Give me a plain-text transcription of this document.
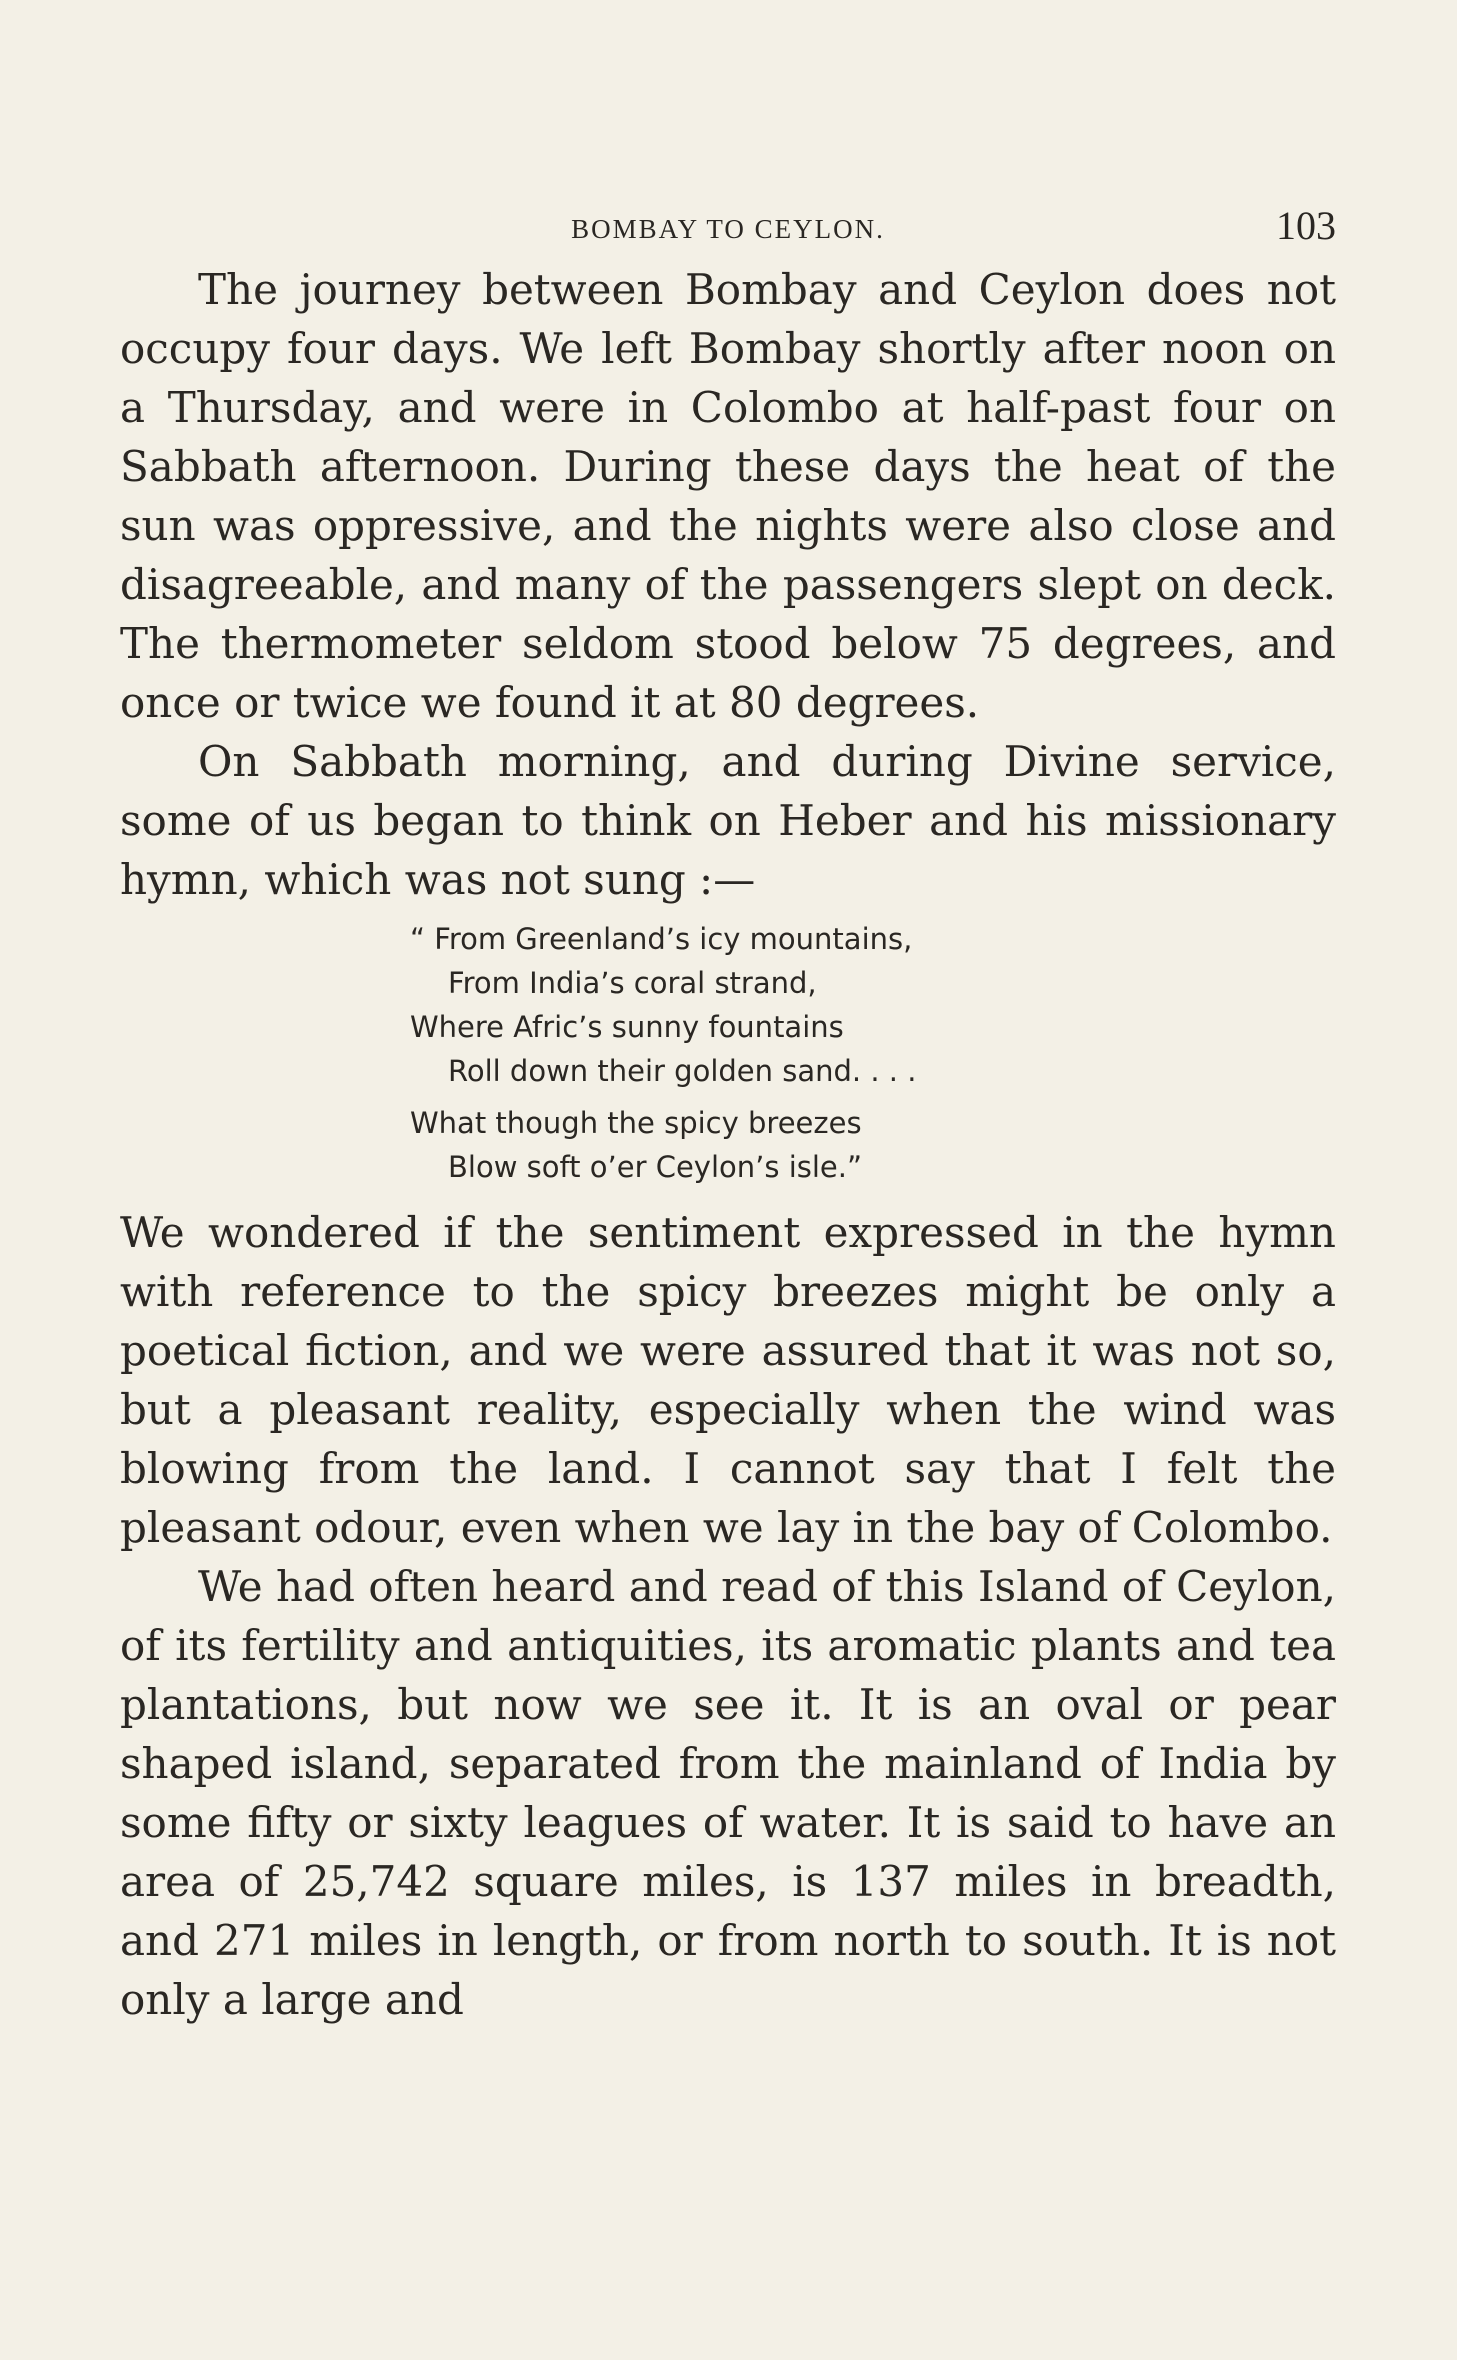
BOMBAY TO CEYLON.	103

The journey between Bombay and Ceylon does not occupy four days. We left Bombay shortly after noon on a Thursday, and were in Colombo at half-past four on Sabbath afternoon. During these days the heat of the sun was oppressive, and the nights were also close and disagreeable, and many of the passengers slept on deck. The thermometer seldom stood below 75 degrees, and once or twice we found it at 80 degrees.

On Sabbath morning, and during Divine service, some of us began to think on Heber and his missionary hymn, which was not sung :—

“ From Greenland’s icy mountains,
From India’s coral strand,
Where Afric’s sunny fountains
Roll down their golden sand. . . .
What though the spicy breezes
Blow soft o’er Ceylon’s isle.”

We wondered if the sentiment expressed in the hymn with reference to the spicy breezes might be only a poetical fiction, and we were assured that it was not so, but a pleasant reality, especially when the wind was blowing from the land. I cannot say that I felt the pleasant odour, even when we lay in the bay of Colombo.

We had often heard and read of this Island of Ceylon, of its fertility and antiquities, its aromatic plants and tea plantations, but now we see it. It is an oval or pear shaped island, separated from the mainland of India by some fifty or sixty leagues of water. It is said to have an area of 25,742 square miles, is 137 miles in breadth, and 271 miles in length, or from north to south. It is not only a large and
